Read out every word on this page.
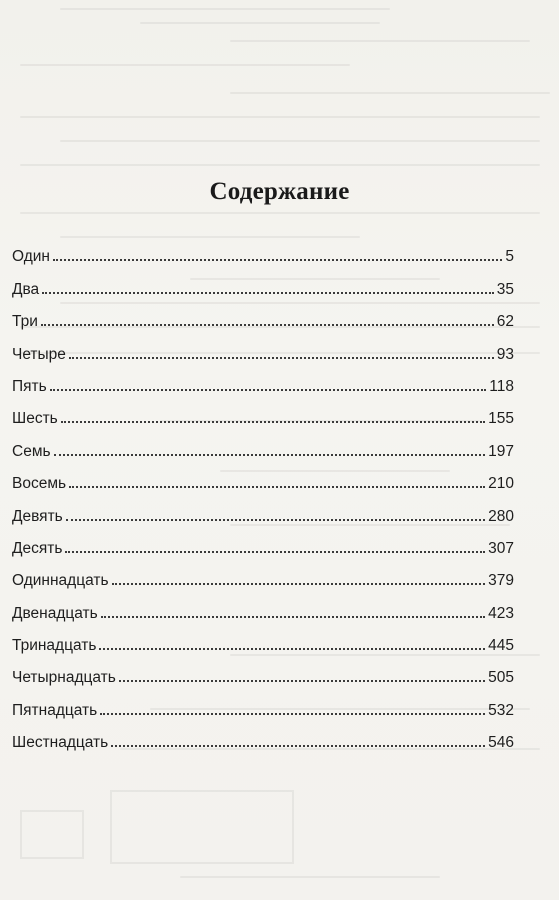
Содержание
Один	5
Два	35
Три	62
Четыре	93
Пять	118
Шесть	155
Семь	197
Восемь	210
Девять	280
Десять	307
Одиннадцать	379
Двенадцать	423
Тринадцать	445
Четырнадцать	505
Пятнадцать	532
Шестнадцать	546
